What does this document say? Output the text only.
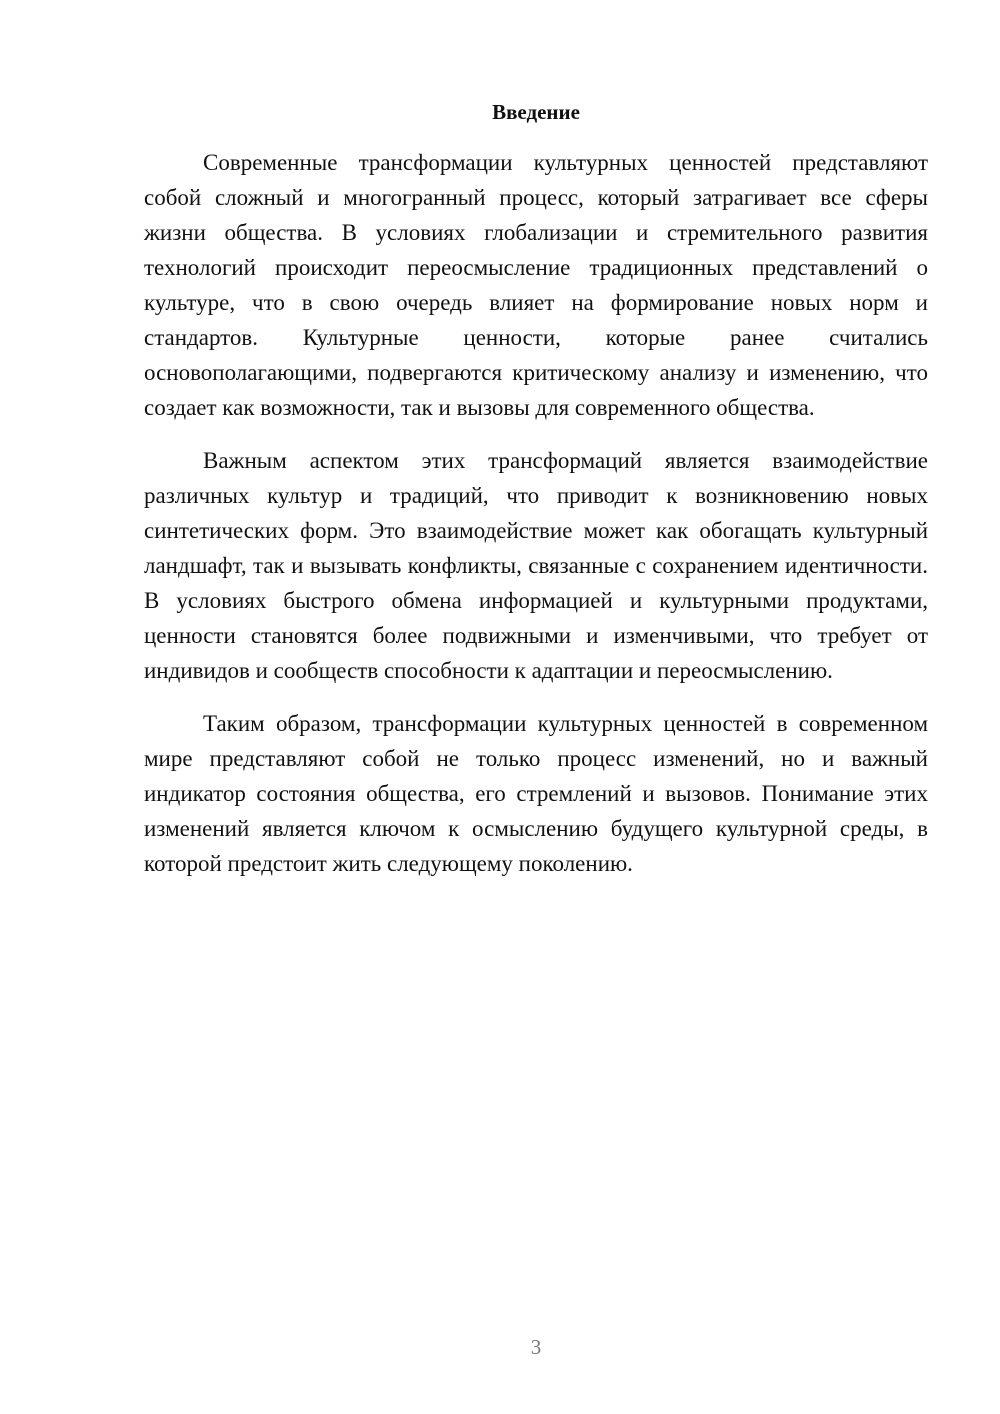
Введение

Современные трансформации культурных ценностей представляют собой сложный и многогранный процесс, который затрагивает все сферы жизни общества. В условиях глобализации и стремительного развития технологий происходит переосмысление традиционных представлений о культуре, что в свою очередь влияет на формирование новых норм и стандартов. Культурные ценности, которые ранее считались основополагающими, подвергаются критическому анализу и изменению, что создает как возможности, так и вызовы для современного общества.

Важным аспектом этих трансформаций является взаимодействие различных культур и традиций, что приводит к возникновению новых синтетических форм. Это взаимодействие может как обогащать культурный ландшафт, так и вызывать конфликты, связанные с сохранением идентичности. В условиях быстрого обмена информацией и культурными продуктами, ценности становятся более подвижными и изменчивыми, что требует от индивидов и сообществ способности к адаптации и переосмыслению.

Таким образом, трансформации культурных ценностей в современном мире представляют собой не только процесс изменений, но и важный индикатор состояния общества, его стремлений и вызовов. Понимание этих изменений является ключом к осмыслению будущего культурной среды, в которой предстоит жить следующему поколению.

3
